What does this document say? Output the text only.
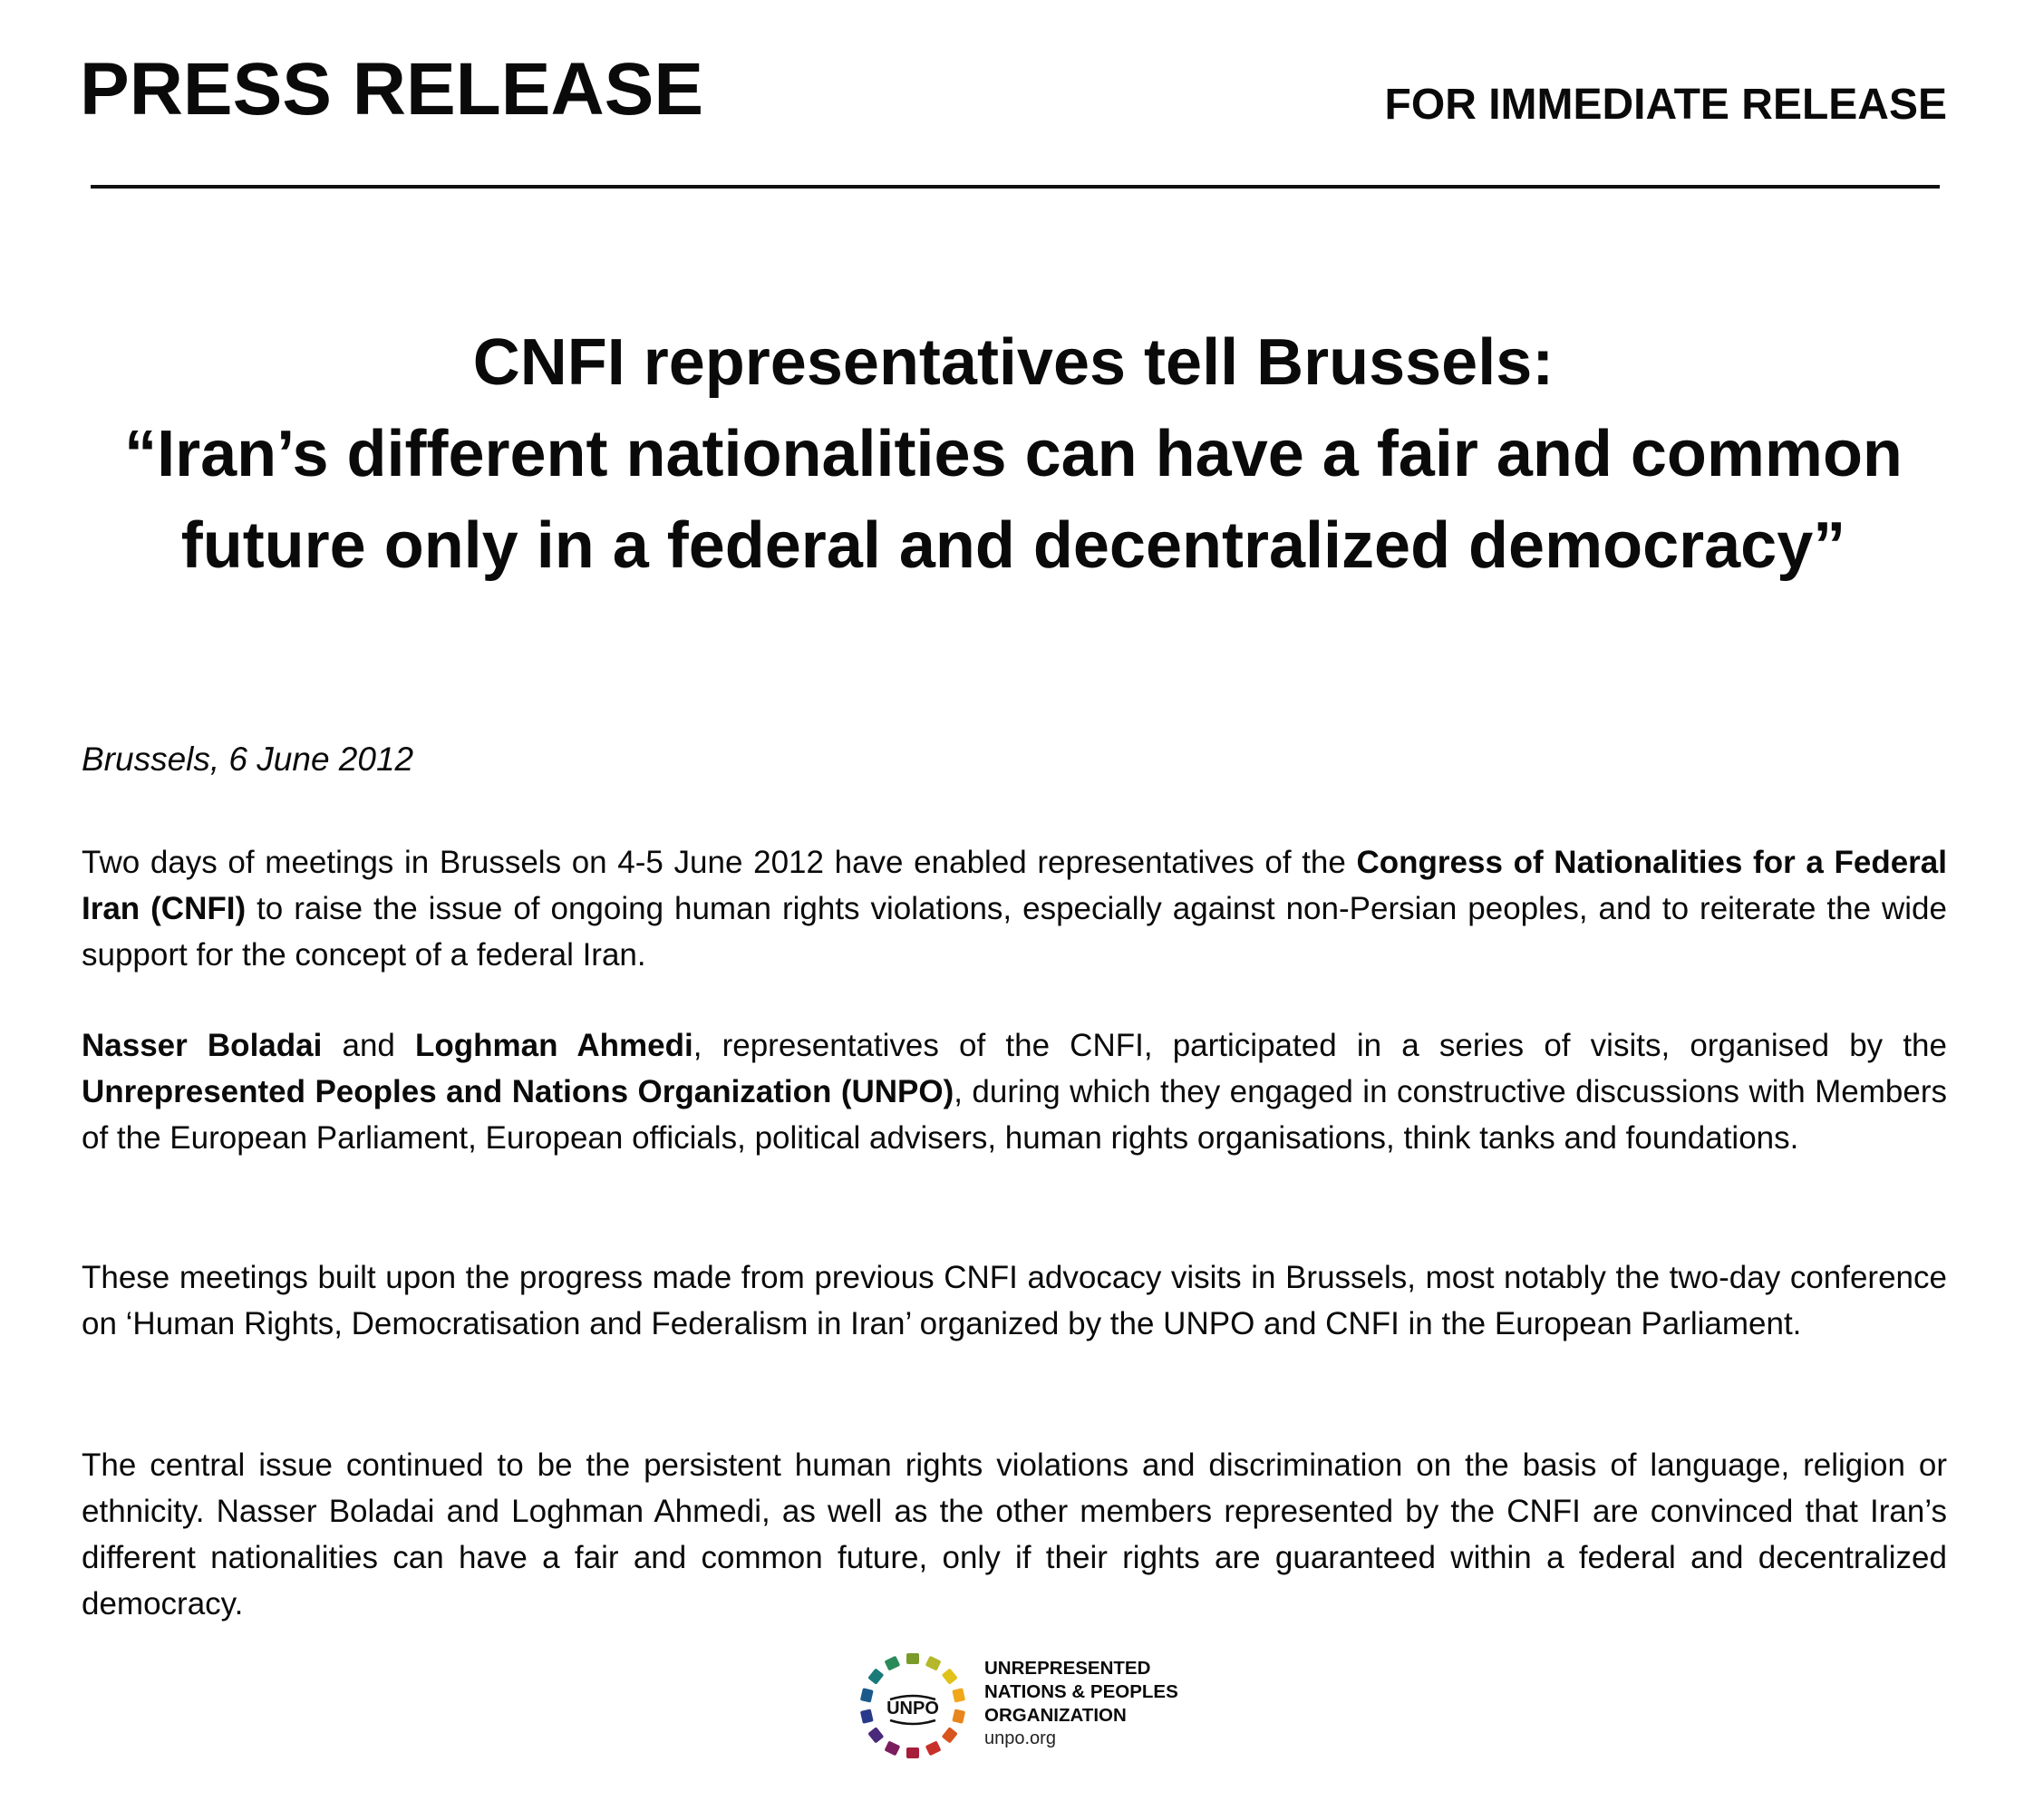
PRESS RELEASE	FOR IMMEDIATE RELEASE
CNFI representatives tell Brussels:
“Iran’s different nationalities can have a fair and common
future only in a federal and decentralized democracy”
Brussels, 6 June 2012
Two days of meetings in Brussels on 4-5 June 2012 have enabled representatives of the Congress of Nationalities for a Federal Iran (CNFI) to raise the issue of ongoing human rights violations, especially against non-Persian peoples, and to reiterate the wide support for the concept of a federal Iran.
Nasser Boladai and Loghman Ahmedi, representatives of the CNFI, participated in a series of visits, organised by the Unrepresented Peoples and Nations Organization (UNPO), during which they engaged in constructive discussions with Members of the European Parliament, European officials, political advisers, human rights organisations, think tanks and foundations.
These meetings built upon the progress made from previous CNFI advocacy visits in Brussels, most notably the two-day conference on ‘Human Rights, Democratisation and Federalism in Iran’ organized by the UNPO and CNFI in the European Parliament.
The central issue continued to be the persistent human rights violations and discrimination on the basis of language, religion or ethnicity. Nasser Boladai and Loghman Ahmedi, as well as the other members represented by the CNFI are convinced that Iran’s different nationalities can have a fair and common future, only if their rights are guaranteed within a federal and decentralized democracy.
UNPO
UNREPRESENTED
NATIONS & PEOPLES
ORGANIZATION
unpo.org
